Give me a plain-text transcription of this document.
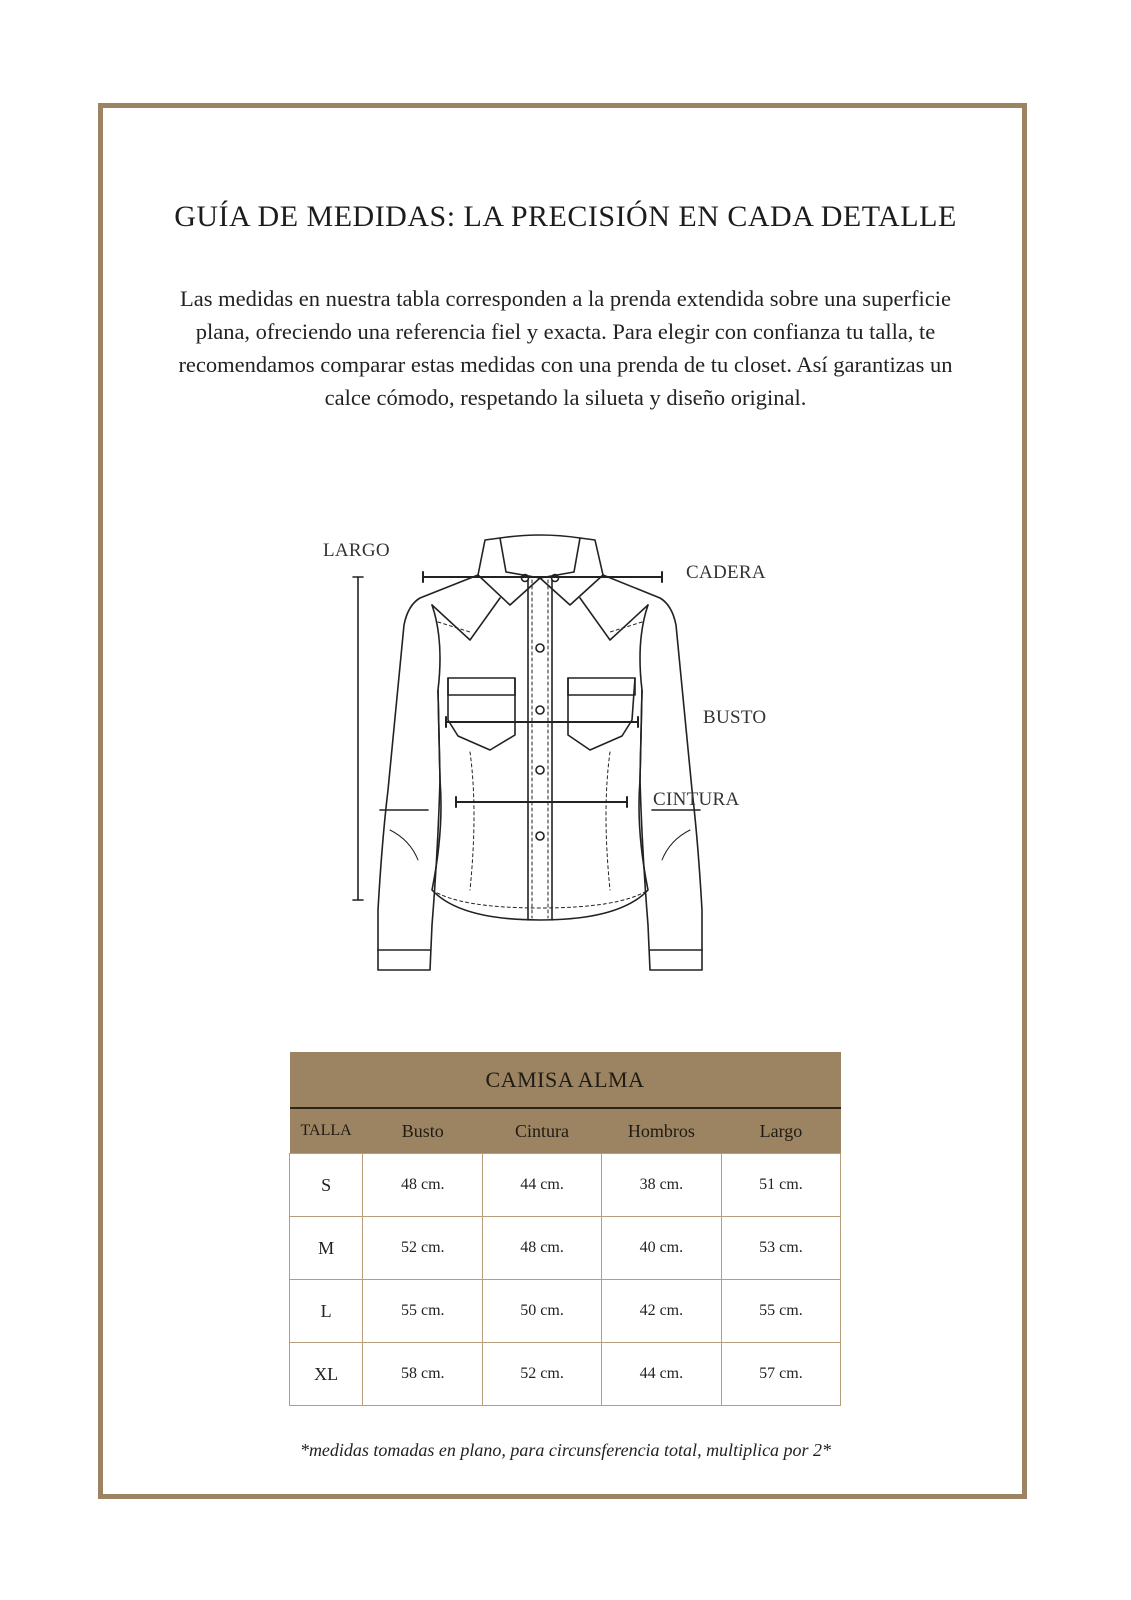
GUÍA DE MEDIDAS: LA PRECISIÓN EN CADA DETALLE
Las medidas en nuestra tabla corresponden a la prenda extendida sobre una superficie plana, ofreciendo una referencia fiel y exacta. Para elegir con confianza tu talla, te recomendamos comparar estas medidas con una prenda de tu closet. Así garantizas un calce cómodo, respetando la silueta y diseño original.
LARGO
CADERA
BUSTO
CINTURA
CAMISA ALMA				
TALLA	Busto	Cintura	Hombros	Largo
S	48 cm.	44 cm.	38 cm.	51 cm.
M	52 cm.	48 cm.	40 cm.	53 cm.
L	55 cm.	50 cm.	42 cm.	55 cm.
XL	58 cm.	52 cm.	44 cm.	57 cm.
*medidas tomadas en plano, para circunsferencia total, multiplica por 2*
